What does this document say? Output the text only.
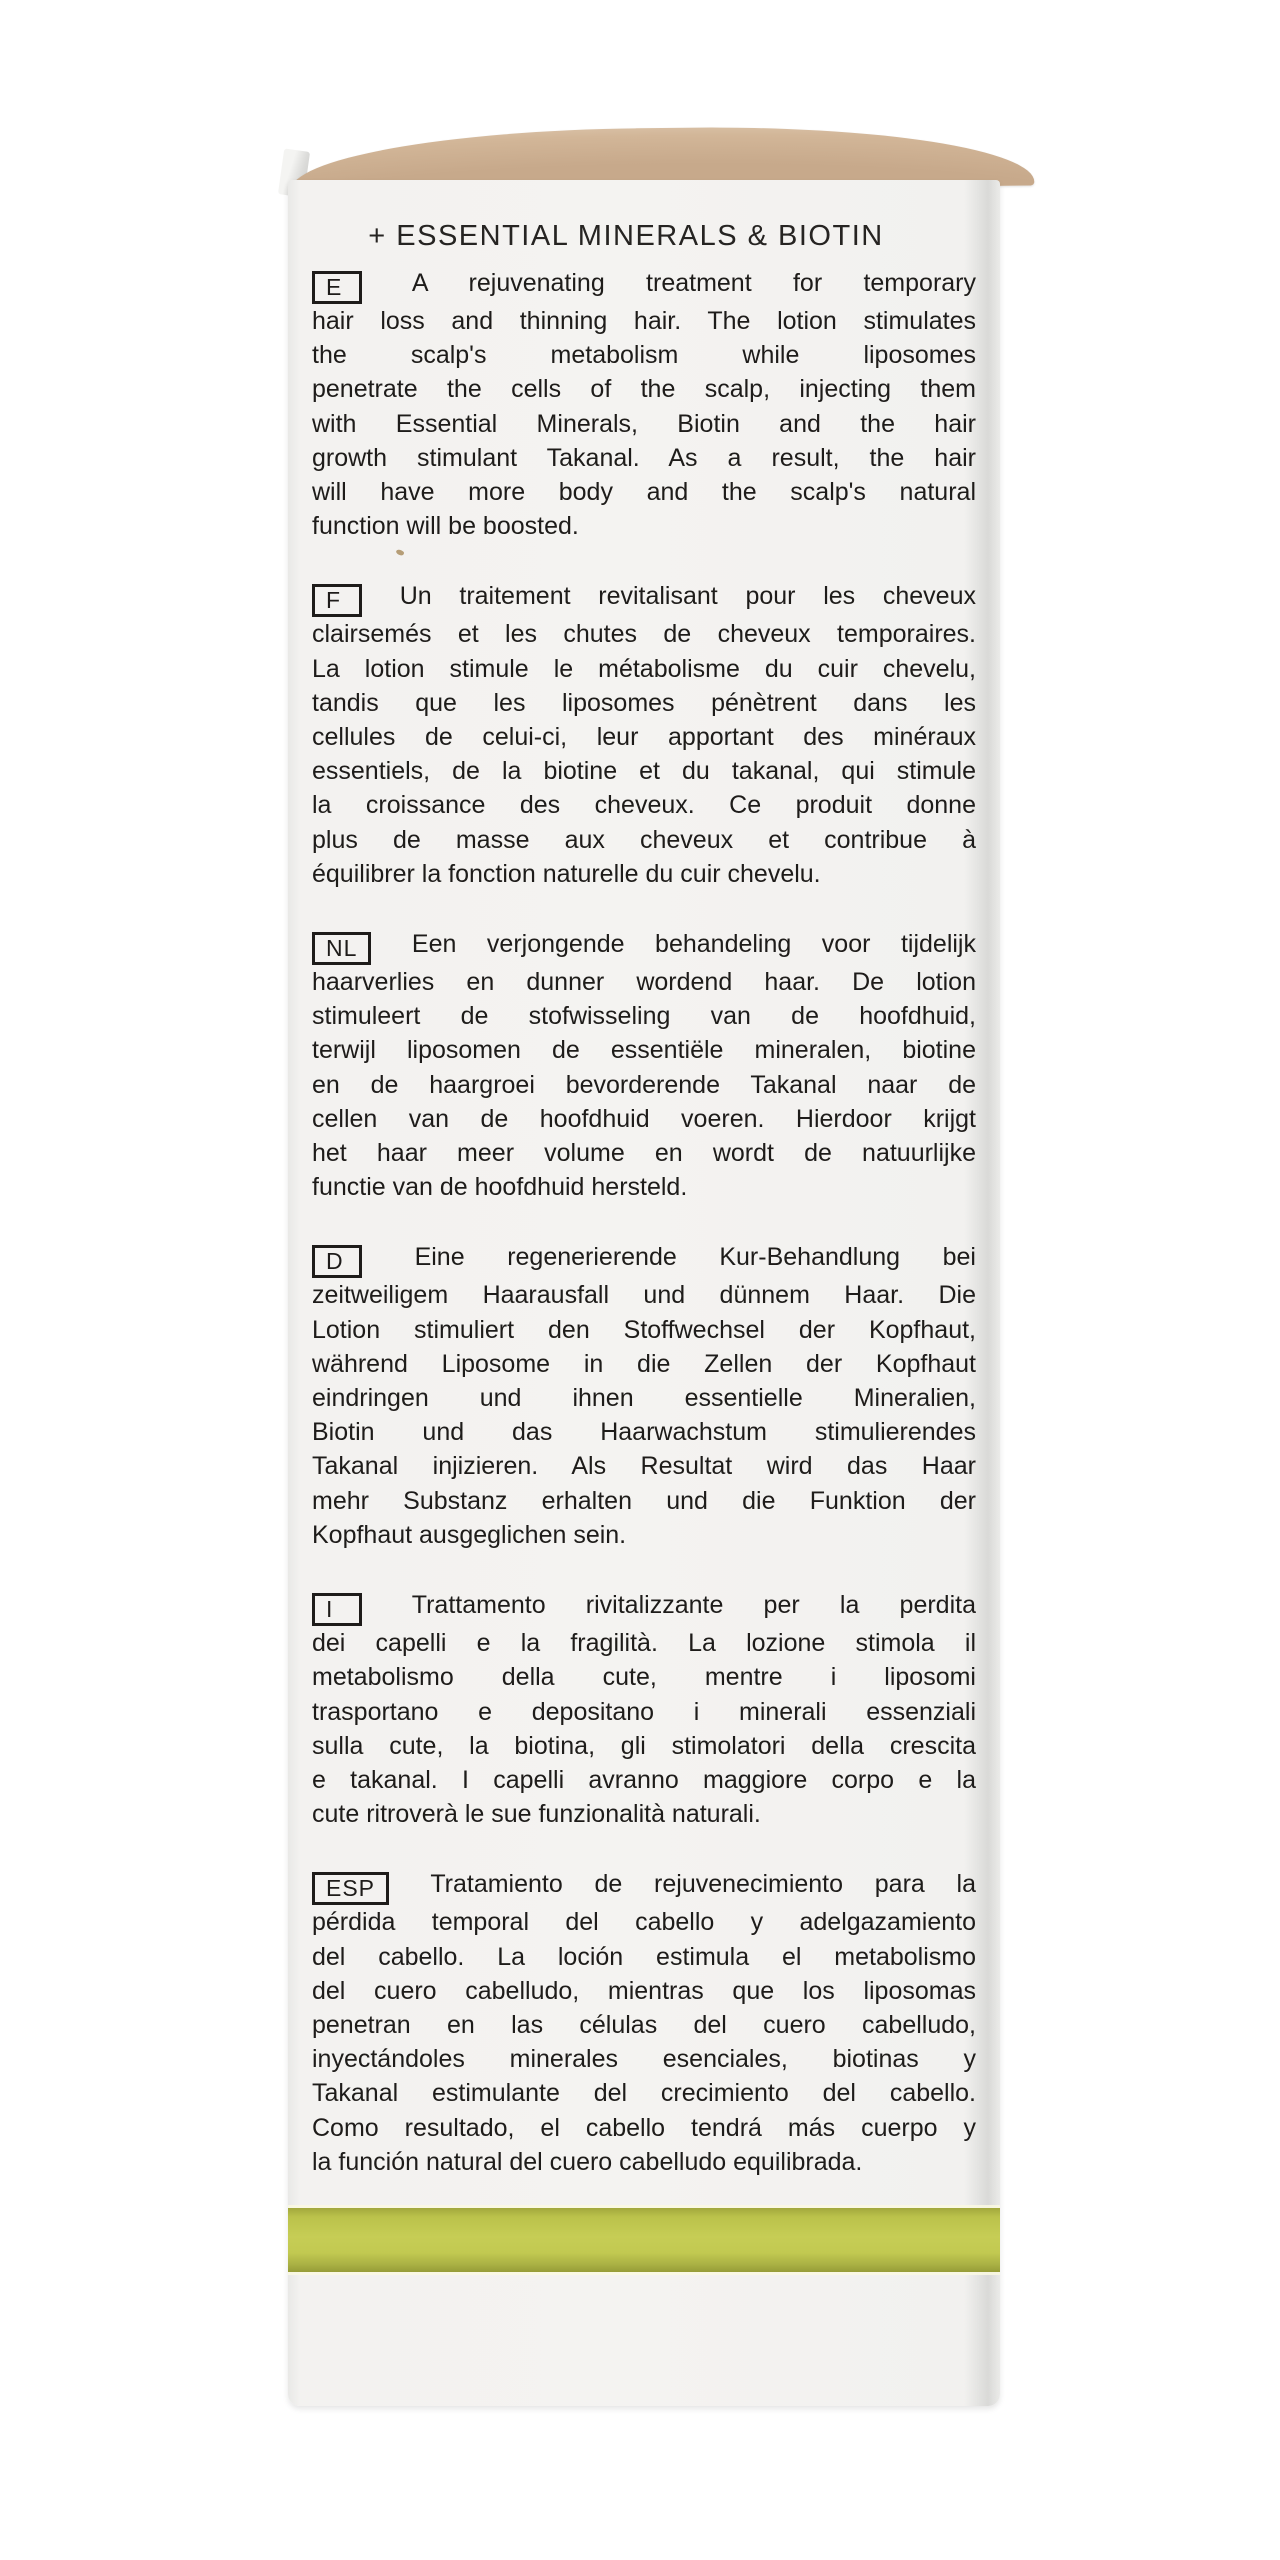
+ ESSENTIAL MINERALS & BIOTIN
E A rejuvenating treatment for temporary
hair loss and thinning hair. The lotion stimulates
the scalp's metabolism while liposomes
penetrate the cells of the scalp, injecting them
with Essential Minerals, Biotin and the hair
growth stimulant Takanal. As a result, the hair
will have more body and the scalp's natural
function will be boosted.
F Un traitement revitalisant pour les cheveux
clairsemés et les chutes de cheveux temporaires.
La lotion stimule le métabolisme du cuir chevelu,
tandis que les liposomes pénètrent dans les
cellules de celui-ci, leur apportant des minéraux
essentiels, de la biotine et du takanal, qui stimule
la croissance des cheveux. Ce produit donne
plus de masse aux cheveux et contribue à
équilibrer la fonction naturelle du cuir chevelu.
NL Een verjongende behandeling voor tijdelijk
haarverlies en dunner wordend haar. De lotion
stimuleert de stofwisseling van de hoofdhuid,
terwijl liposomen de essentiële mineralen, biotine
en de haargroei bevorderende Takanal naar de
cellen van de hoofdhuid voeren. Hierdoor krijgt
het haar meer volume en wordt de natuurlijke
functie van de hoofdhuid hersteld.
D Eine regenerierende Kur-Behandlung bei
zeitweiligem Haarausfall und dünnem Haar. Die
Lotion stimuliert den Stoffwechsel der Kopfhaut,
während Liposome in die Zellen der Kopfhaut
eindringen und ihnen essentielle Mineralien,
Biotin und das Haarwachstum stimulierendes
Takanal injizieren. Als Resultat wird das Haar
mehr Substanz erhalten und die Funktion der
Kopfhaut ausgeglichen sein.
I Trattamento rivitalizzante per la perdita
dei capelli e la fragilità. La lozione stimola il
metabolismo della cute, mentre i liposomi
trasportano e depositano i minerali essenziali
sulla cute, la biotina, gli stimolatori della crescita
e takanal. I capelli avranno maggiore corpo e la
cute ritroverà le sue funzionalità naturali.
ESP Tratamiento de rejuvenecimiento para la
pérdida temporal del cabello y adelgazamiento
del cabello. La loción estimula el metabolismo
del cuero cabelludo, mientras que los liposomas
penetran en las células del cuero cabelludo,
inyectándoles minerales esenciales, biotinas y
Takanal estimulante del crecimiento del cabello.
Como resultado, el cabello tendrá más cuerpo y
la función natural del cuero cabelludo equilibrada.
